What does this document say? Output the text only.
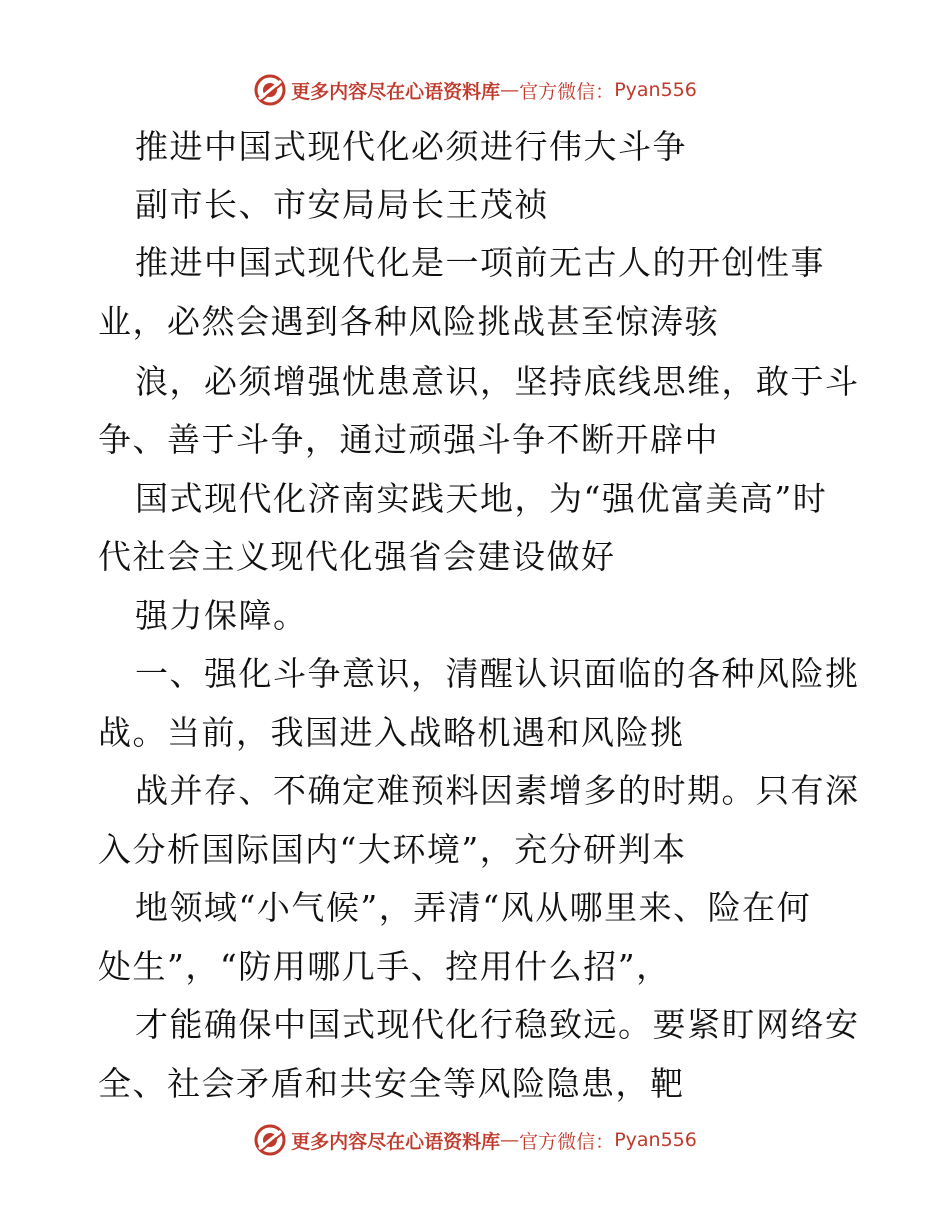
更多内容尽在心语资料库 — 官方微信： Pyan556
推进中国式现代化必须进行伟大斗争
副市长、市安局局长王茂祯
推进中国式现代化是一项前无古人的开创性事
业，必然会遇到各种风险挑战甚至惊涛骇
浪，必须增强忧患意识，坚持底线思维，敢于斗
争、善于斗争，通过顽强斗争不断开辟中
国式现代化济南实践天地，为“强优富美高”时
代社会主义现代化强省会建设做好
强力保障。
一、强化斗争意识，清醒认识面临的各种风险挑
战。当前，我国进入战略机遇和风险挑
战并存、不确定难预料因素增多的时期。只有深
入分析国际国内“大环境”，充分研判本
地领域“小气候”，弄清“风从哪里来、险在何
处生”，“防用哪几手、控用什么招”，
才能确保中国式现代化行稳致远。要紧盯网络安
全、社会矛盾和共安全等风险隐患，靶
更多内容尽在心语资料库 — 官方微信： Pyan556
